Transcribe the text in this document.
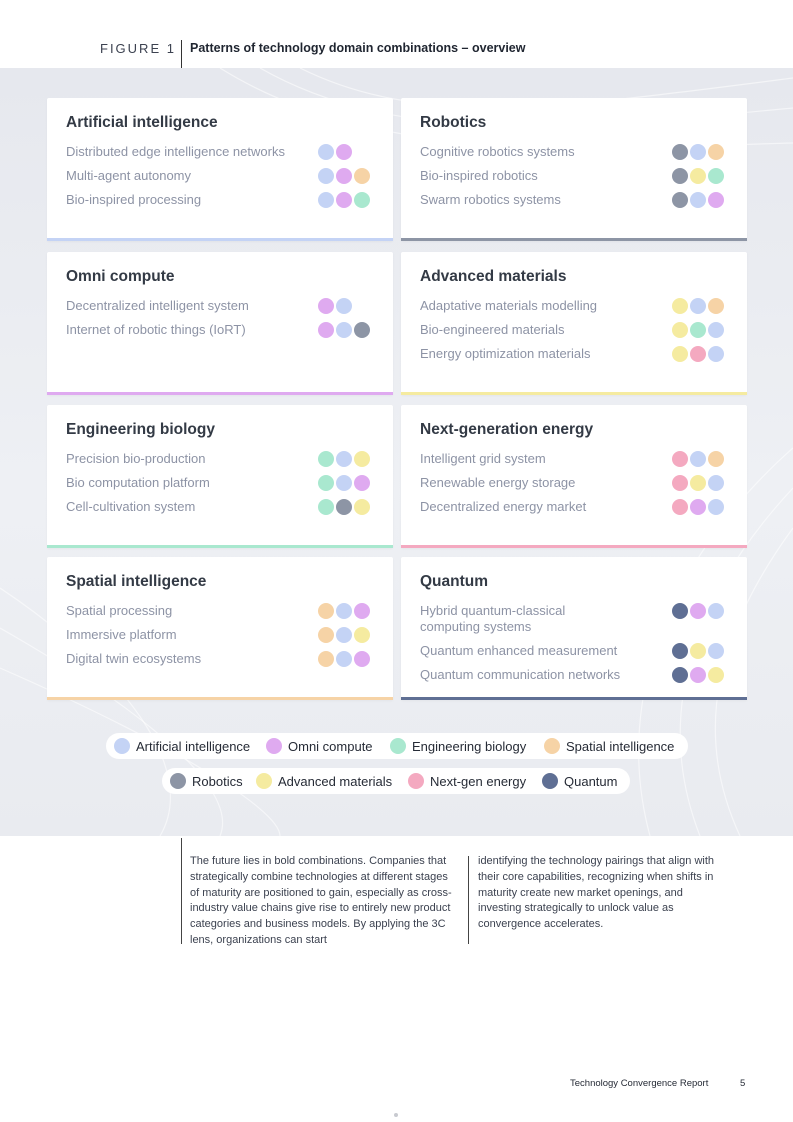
FIGURE 1 Patterns of technology domain combinations – overview
Artificial intelligence
Distributed edge intelligence networks
Multi-agent autonomy
Bio-inspired processing
Robotics
Cognitive robotics systems
Bio-inspired robotics
Swarm robotics systems
Omni compute
Decentralized intelligent system
Internet of robotic things (IoRT)
Advanced materials
Adaptative materials modelling
Bio-engineered materials
Energy optimization materials
Engineering biology
Precision bio-production
Bio computation platform
Cell-cultivation system
Next-generation energy
Intelligent grid system
Renewable energy storage
Decentralized energy market
Spatial intelligence
Spatial processing
Immersive platform
Digital twin ecosystems
Quantum
Hybrid quantum-classical computing systems
Quantum enhanced measurement
Quantum communication networks
Artificial intelligence	Omni compute	Engineering biology	Spatial intelligence
Robotics	Advanced materials	Next-gen energy	Quantum
The future lies in bold combinations. Companies that strategically combine technologies at different stages of maturity are positioned to gain, especially as cross-industry value chains give rise to entirely new product categories and business models. By applying the 3C lens, organizations can start
identifying the technology pairings that align with their core capabilities, recognizing when shifts in maturity create new market openings, and investing strategically to unlock value as convergence accelerates.
Technology Convergence Report	5
